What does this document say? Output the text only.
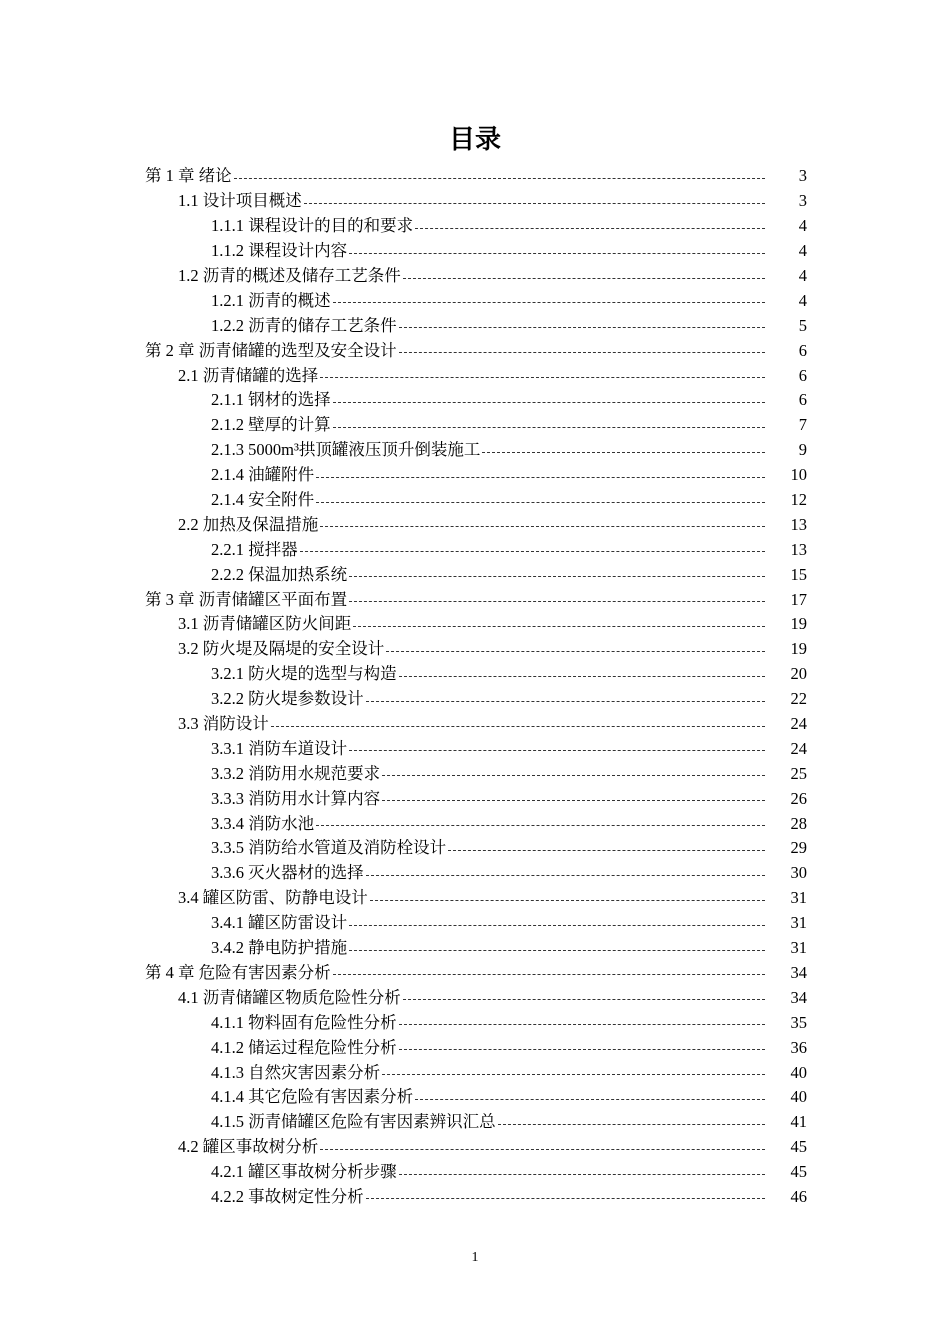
目录
第 1 章 绪论	3
1.1 设计项目概述	3
1.1.1 课程设计的目的和要求	4
1.1.2 课程设计内容	4
1.2 沥青的概述及储存工艺条件	4
1.2.1 沥青的概述	4
1.2.2 沥青的储存工艺条件	5
第 2 章 沥青储罐的选型及安全设计	6
2.1 沥青储罐的选择	6
2.1.1 钢材的选择	6
2.1.2 壁厚的计算	7
2.1.3 5000m³拱顶罐液压顶升倒装施工	9
2.1.4 油罐附件	10
2.1.4 安全附件	12
2.2 加热及保温措施	13
2.2.1 搅拌器	13
2.2.2 保温加热系统	15
第 3 章 沥青储罐区平面布置	17
3.1 沥青储罐区防火间距	19
3.2 防火堤及隔堤的安全设计	19
3.2.1 防火堤的选型与构造	20
3.2.2 防火堤参数设计	22
3.3 消防设计	24
3.3.1 消防车道设计	24
3.3.2 消防用水规范要求	25
3.3.3 消防用水计算内容	26
3.3.4 消防水池	28
3.3.5 消防给水管道及消防栓设计	29
3.3.6 灭火器材的选择	30
3.4 罐区防雷、防静电设计	31
3.4.1 罐区防雷设计	31
3.4.2 静电防护措施	31
第 4 章 危险有害因素分析	34
4.1 沥青储罐区物质危险性分析	34
4.1.1 物料固有危险性分析	35
4.1.2 储运过程危险性分析	36
4.1.3 自然灾害因素分析	40
4.1.4 其它危险有害因素分析	40
4.1.5 沥青储罐区危险有害因素辨识汇总	41
4.2 罐区事故树分析	45
4.2.1 罐区事故树分析步骤	45
4.2.2 事故树定性分析	46
1
